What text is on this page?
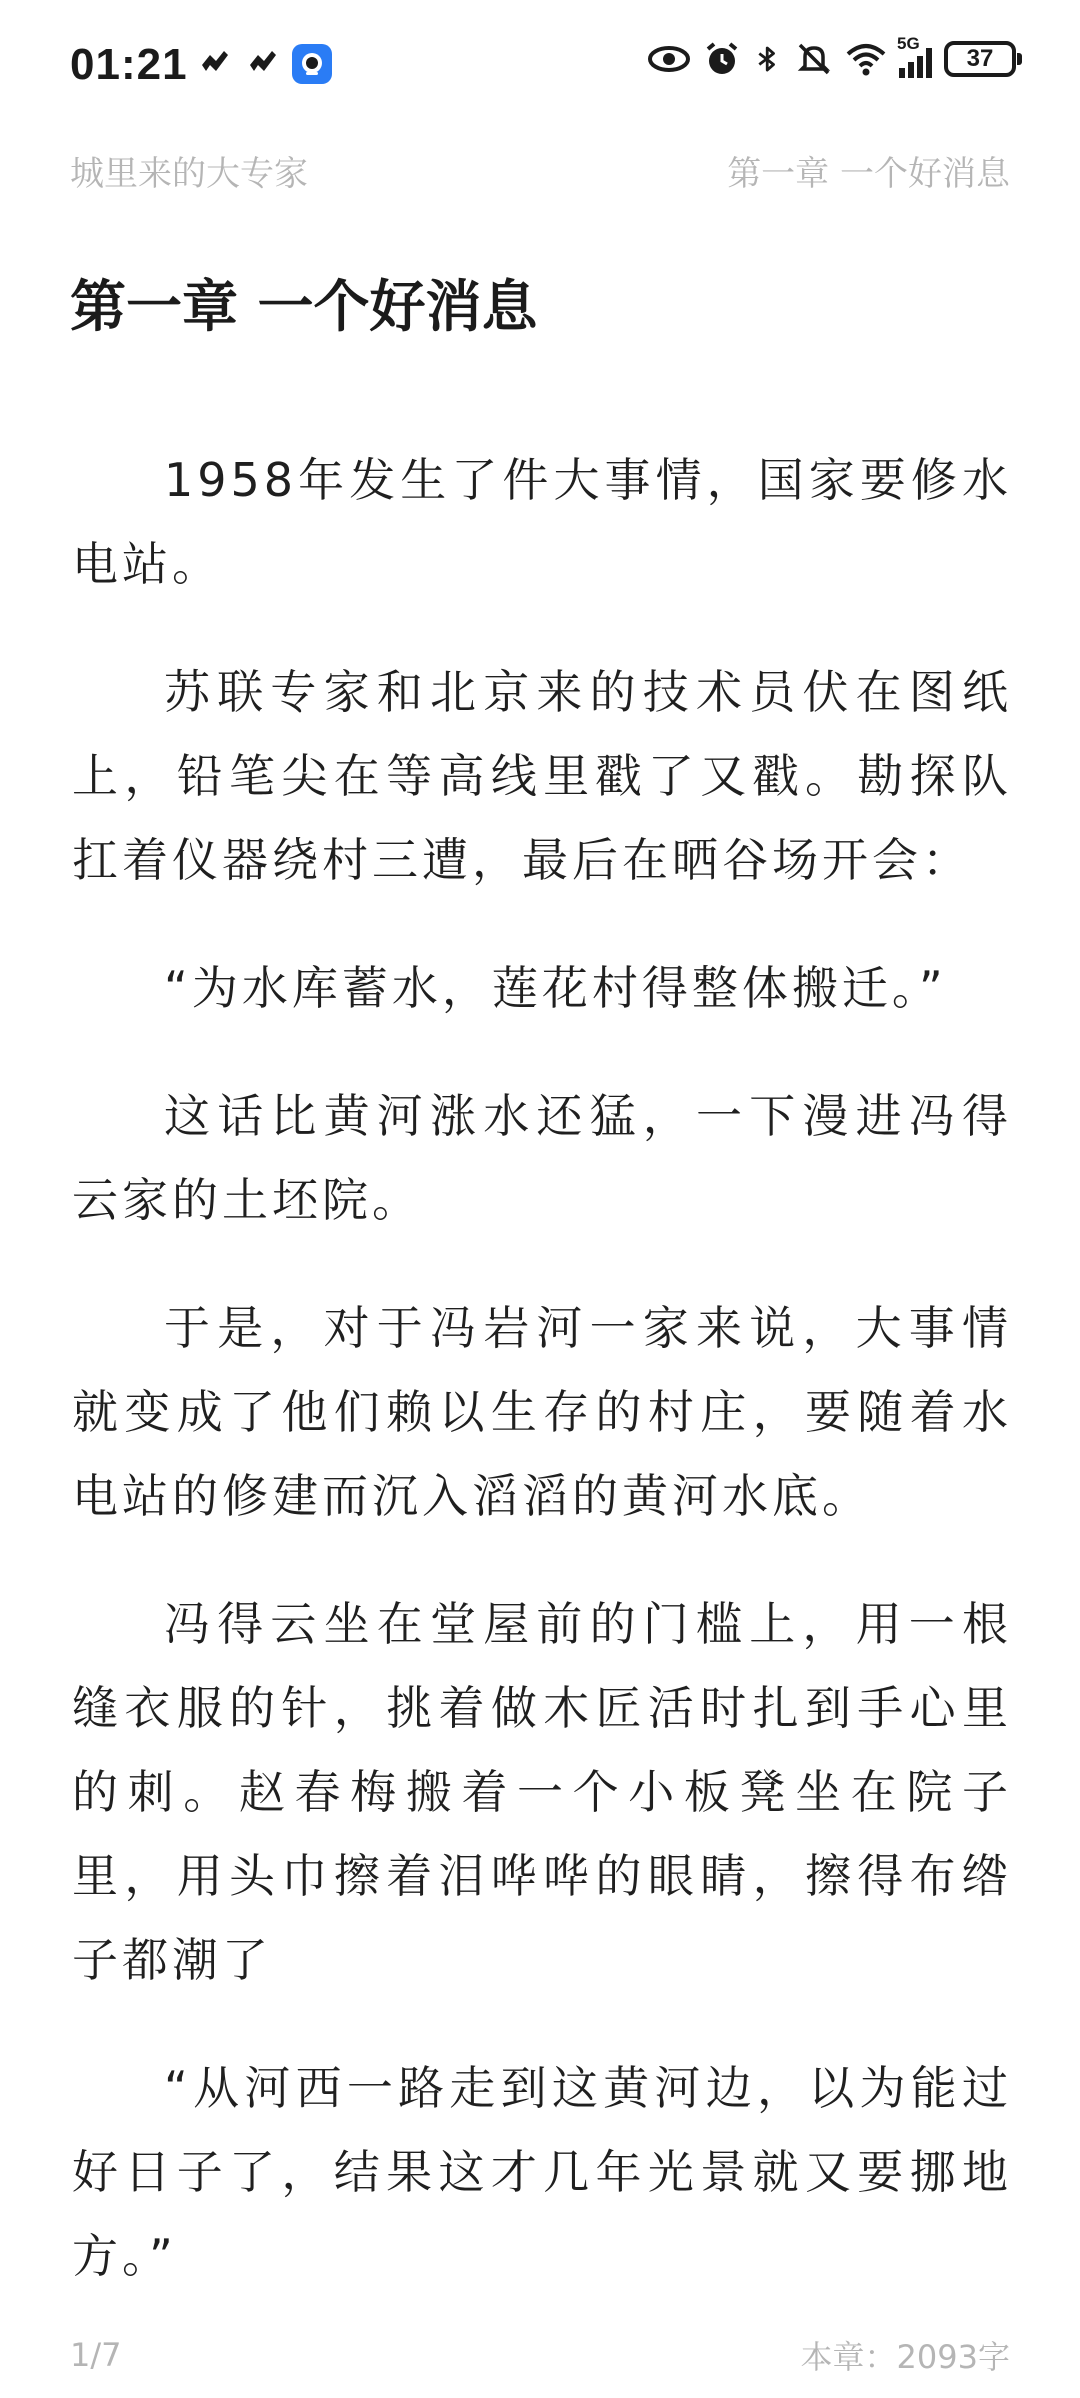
01:21	5G
37
城里来的大专家	第一章 一个好消息
第一章 一个好消息

1958年发生了件大事情，国家要修水电站。

苏联专家和北京来的技术员伏在图纸上，铅笔尖在等高线里戳了又戳。勘探队扛着仪器绕村三遭，最后在晒谷场开会：

“为水库蓄水，莲花村得整体搬迁。”

这话比黄河涨水还猛，一下漫进冯得云家的土坯院。

于是，对于冯岩河一家来说，大事情就变成了他们赖以生存的村庄，要随着水电站的修建而沉入滔滔的黄河水底。

冯得云坐在堂屋前的门槛上，用一根缝衣服的针，挑着做木匠活时扎到手心里的刺。赵春梅搬着一个小板凳坐在院子里，用头巾擦着泪哗哗的眼睛，擦得布绺子都潮了

“从河西一路走到这黄河边，以为能过好日子了，结果这才几年光景就又要挪地方。”

1/7	本章：2093字
